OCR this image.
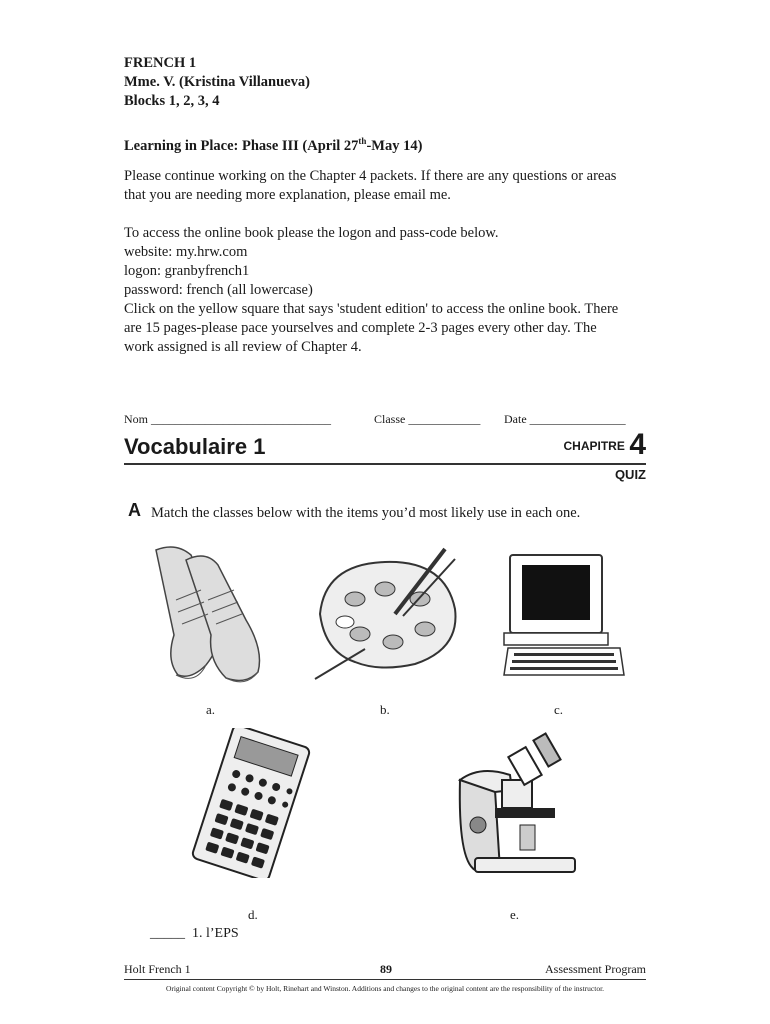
FRENCH 1
Mme. V. (Kristina Villanueva)
Blocks 1, 2, 3, 4
Learning in Place: Phase III (April 27th-May 14)
Please continue working on the Chapter 4 packets. If there are any questions or areas
that you are needing more explanation, please email me.
To access the online book please the logon and pass-code below.
website: my.hrw.com
logon: granbyfrench1
password: french (all lowercase)
Click on the yellow square that says 'student edition' to access the online book. There
are 15 pages-please pace yourselves and complete 2-3 pages every other day. The
work assigned is all review of Chapter 4.
Nom ______________________________	Classe ____________ Date ________________
Vocabulaire 1	$^{CHAPITRE}$ 4
QUIZ
A Match the classes below with the items you’d most likely use in each one.
a.	b.	c.
d.	e.
_____ 1. l’EPS
Holt French 1	89	Assessment Program
Original content Copyright © by Holt, Rinehart and Winston. Additions and changes to the original content are the responsibility of the instructor.
